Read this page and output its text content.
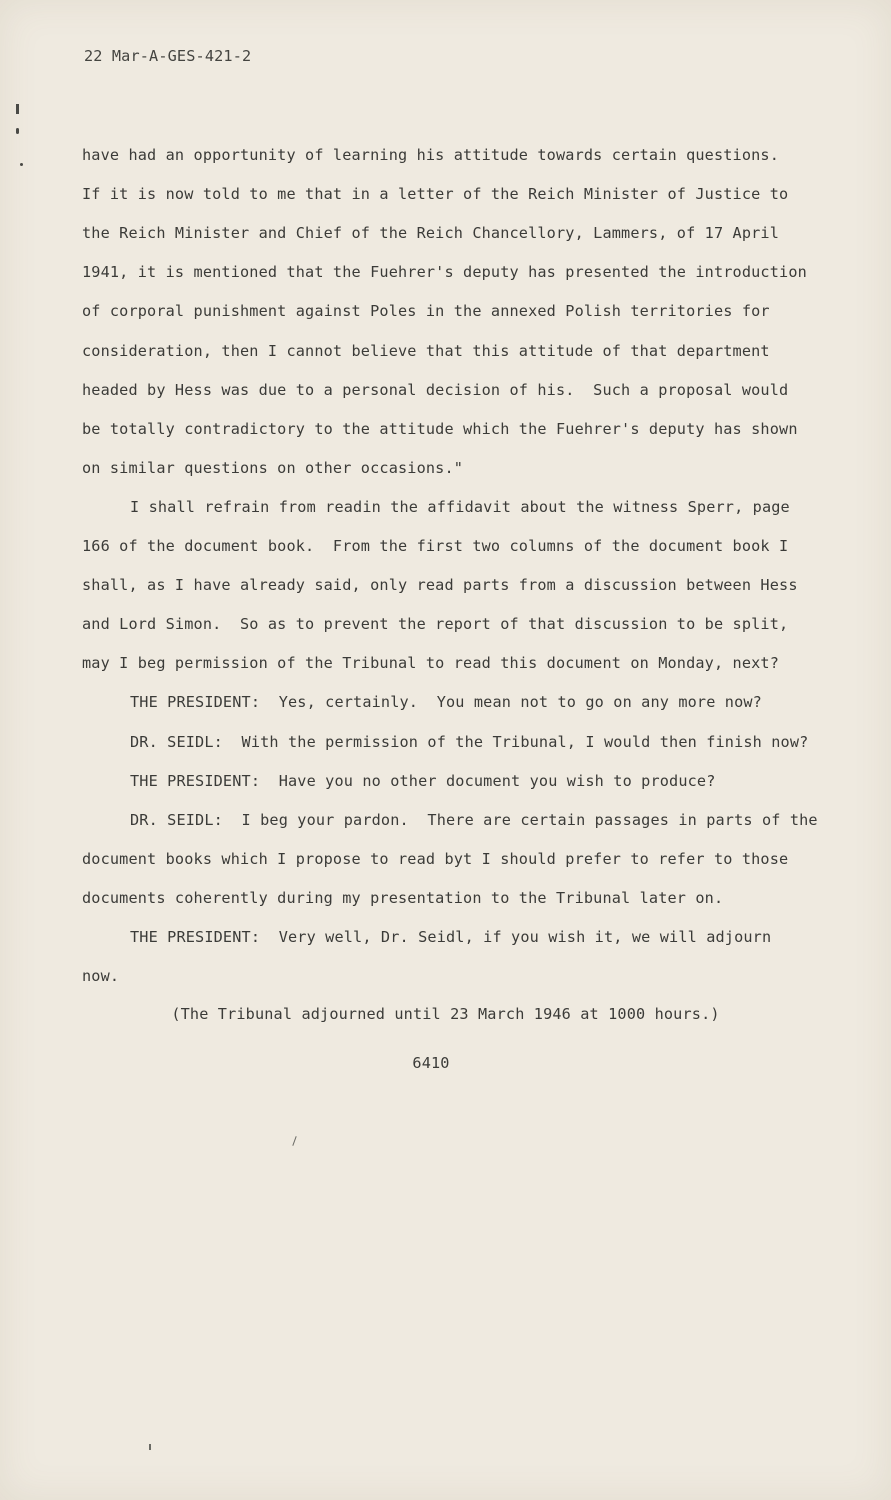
22 Mar-A-GES-421-2
have had an opportunity of learning his attitude towards certain questions.
If it is now told to me that in a letter of the Reich Minister of Justice to
the Reich Minister and Chief of the Reich Chancellory, Lammers, of 17 April
1941, it is mentioned that the Fuehrer's deputy has presented the introduction
of corporal punishment against Poles in the annexed Polish territories for
consideration, then I cannot believe that this attitude of that department
headed by Hess was due to a personal decision of his.  Such a proposal would
be totally contradictory to the attitude which the Fuehrer's deputy has shown
on similar questions on other occasions."
I shall refrain from readin the affidavit about the witness Sperr, page
166 of the document book.  From the first two columns of the document book I
shall, as I have already said, only read parts from a discussion between Hess
and Lord Simon.  So as to prevent the report of that discussion to be split,
may I beg permission of the Tribunal to read this document on Monday, next?
THE PRESIDENT:  Yes, certainly.  You mean not to go on any more now?
DR. SEIDL:  With the permission of the Tribunal, I would then finish now?
THE PRESIDENT:  Have you no other document you wish to produce?
DR. SEIDL:  I beg your pardon.  There are certain passages in parts of the
document books which I propose to read byt I should prefer to refer to those
documents coherently during my presentation to the Tribunal later on.
THE PRESIDENT:  Very well, Dr. Seidl, if you wish it, we will adjourn
now.
(The Tribunal adjourned until 23 March 1946 at 1000 hours.)
6410
